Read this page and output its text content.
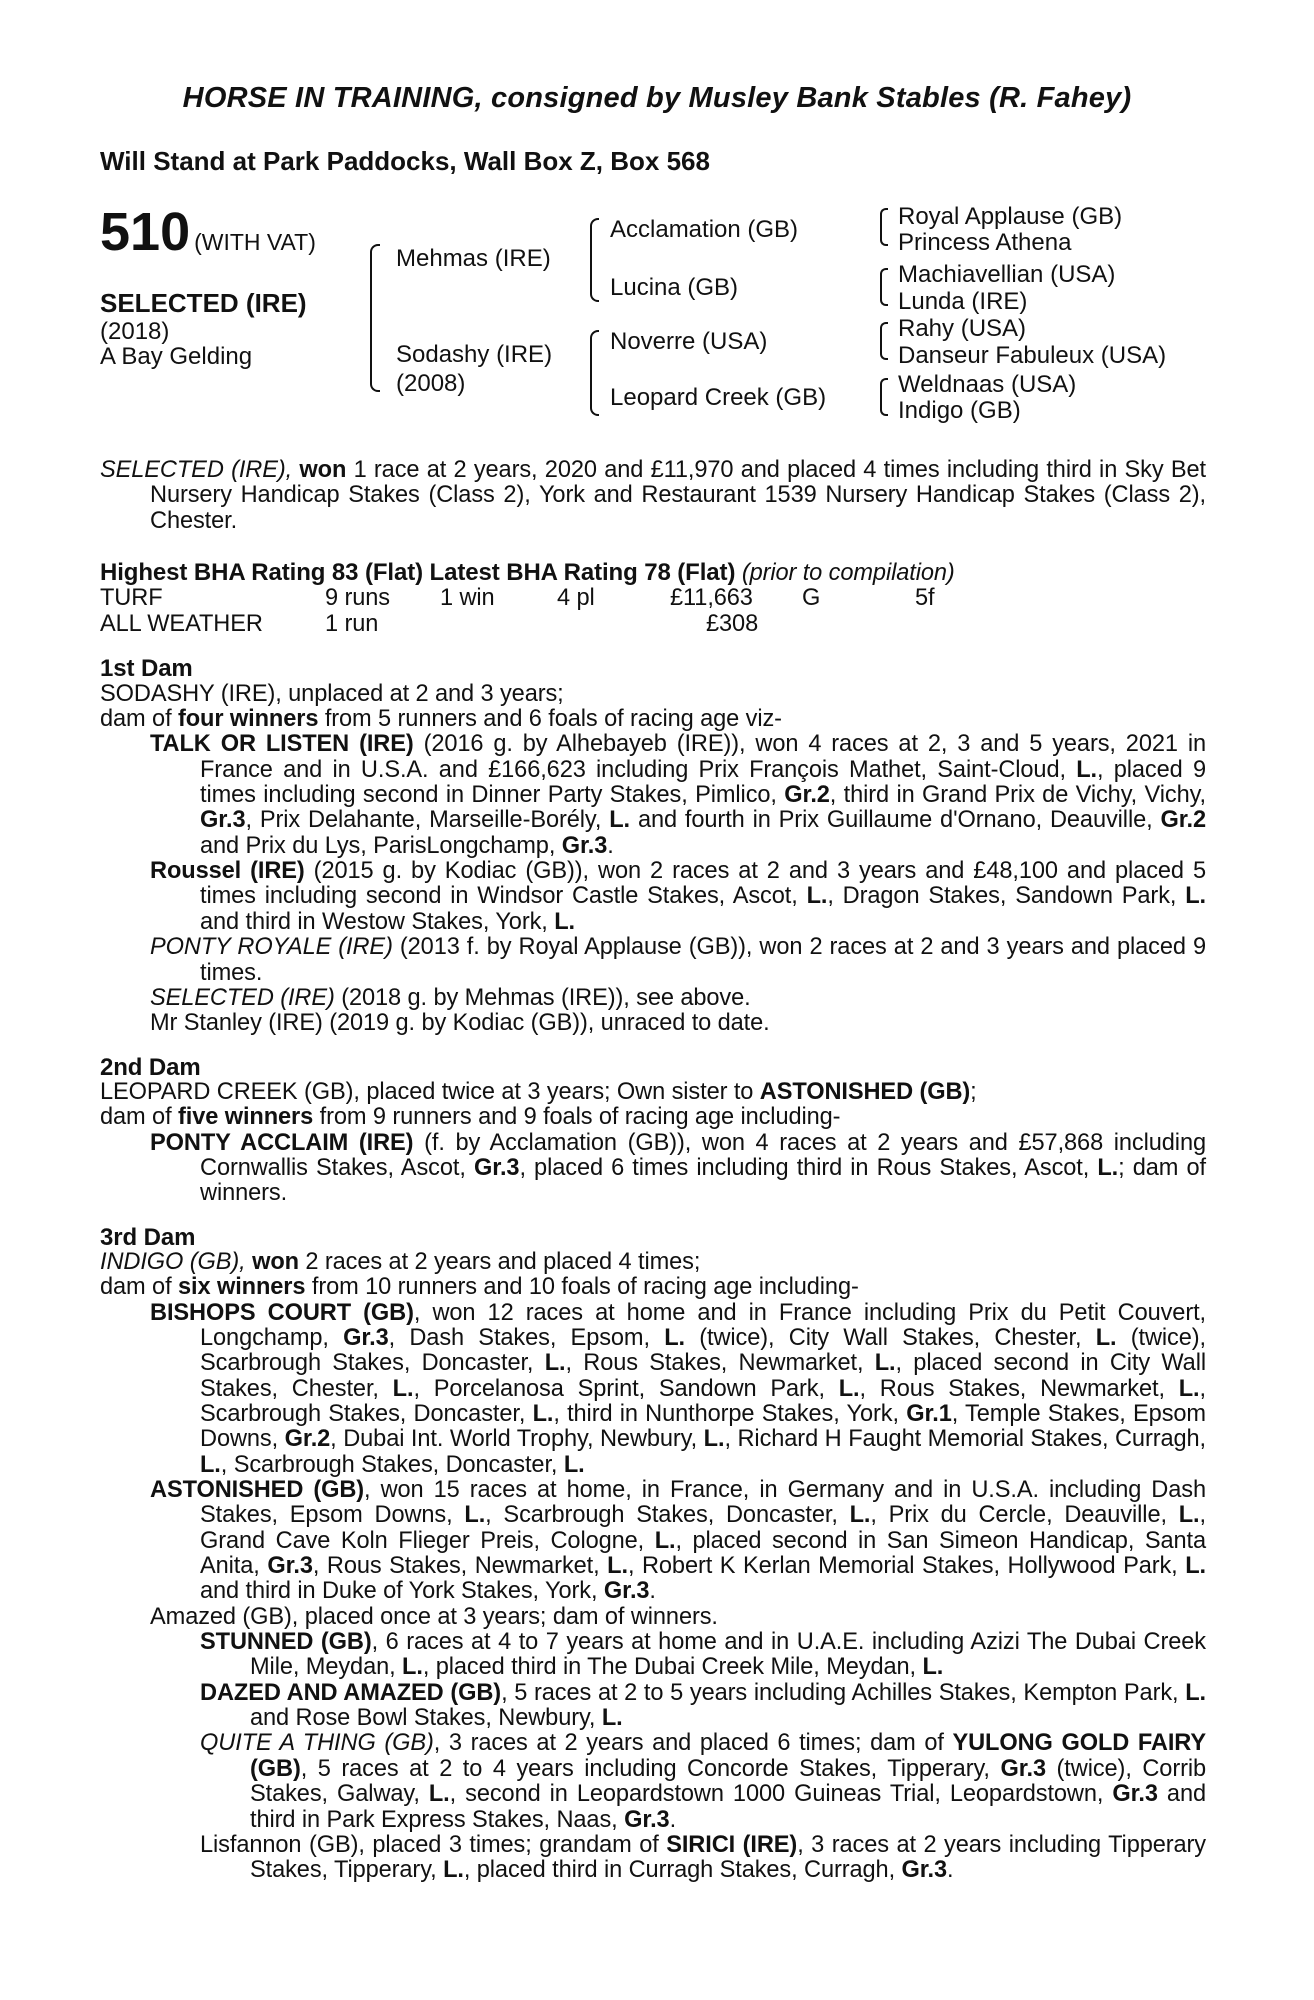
HORSE IN TRAINING, consigned by Musley Bank Stables (R. Fahey)
Will Stand at Park Paddocks, Wall Box Z, Box 568
510 (WITH VAT)
SELECTED (IRE)
(2018)
A Bay Gelding
Mehmas (IRE)
Sodashy (IRE)
(2008)
Acclamation (GB)
Lucina (GB)
Noverre (USA)
Leopard Creek (GB)
Royal Applause (GB)
Princess Athena
Machiavellian (USA)
Lunda (IRE)
Rahy (USA)
Danseur Fabuleux (USA)
Weldnaas (USA)
Indigo (GB)

SELECTED (IRE), won 1 race at 2 years, 2020 and £11,970 and placed 4 times including third in Sky Bet Nursery Handicap Stakes (Class 2), York and Restaurant 1539 Nursery Handicap Stakes (Class 2), Chester.

Highest BHA Rating 83 (Flat) Latest BHA Rating 78 (Flat) (prior to compilation)

TURF	9 runs 1 win	4 pl	£11,663 G	5f
ALL WEATHER	1 run	£308

1st Dam

SODASHY (IRE), unplaced at 2 and 3 years;

dam of four winners from 5 runners and 6 foals of racing age viz-

TALK OR LISTEN (IRE) (2016 g. by Alhebayeb (IRE)), won 4 races at 2, 3 and 5 years, 2021 in France and in U.S.A. and £166,623 including Prix François Mathet, Saint-Cloud, L., placed 9 times including second in Dinner Party Stakes, Pimlico, Gr.2, third in Grand Prix de Vichy, Vichy, Gr.3, Prix Delahante, Marseille-Borély, L. and fourth in Prix Guillaume d'Ornano, Deauville, Gr.2 and Prix du Lys, ParisLongchamp, Gr.3.

Roussel (IRE) (2015 g. by Kodiac (GB)), won 2 races at 2 and 3 years and £48,100 and placed 5 times including second in Windsor Castle Stakes, Ascot, L., Dragon Stakes, Sandown Park, L. and third in Westow Stakes, York, L.

PONTY ROYALE (IRE) (2013 f. by Royal Applause (GB)), won 2 races at 2 and 3 years and placed 9 times.

SELECTED (IRE) (2018 g. by Mehmas (IRE)), see above.

Mr Stanley (IRE) (2019 g. by Kodiac (GB)), unraced to date.

2nd Dam

LEOPARD CREEK (GB), placed twice at 3 years; Own sister to ASTONISHED (GB);

dam of five winners from 9 runners and 9 foals of racing age including-

PONTY ACCLAIM (IRE) (f. by Acclamation (GB)), won 4 races at 2 years and £57,868 including Cornwallis Stakes, Ascot, Gr.3, placed 6 times including third in Rous Stakes, Ascot, L.; dam of winners.

3rd Dam

INDIGO (GB), won 2 races at 2 years and placed 4 times;

dam of six winners from 10 runners and 10 foals of racing age including-

BISHOPS COURT (GB), won 12 races at home and in France including Prix du Petit Couvert, Longchamp, Gr.3, Dash Stakes, Epsom, L. (twice), City Wall Stakes, Chester, L. (twice), Scarbrough Stakes, Doncaster, L., Rous Stakes, Newmarket, L., placed second in City Wall Stakes, Chester, L., Porcelanosa Sprint, Sandown Park, L., Rous Stakes, Newmarket, L., Scarbrough Stakes, Doncaster, L., third in Nunthorpe Stakes, York, Gr.1, Temple Stakes, Epsom Downs, Gr.2, Dubai Int. World Trophy, Newbury, L., Richard H Faught Memorial Stakes, Curragh, L., Scarbrough Stakes, Doncaster, L.

ASTONISHED (GB), won 15 races at home, in France, in Germany and in U.S.A. including Dash Stakes, Epsom Downs, L., Scarbrough Stakes, Doncaster, L., Prix du Cercle, Deauville, L., Grand Cave Koln Flieger Preis, Cologne, L., placed second in San Simeon Handicap, Santa Anita, Gr.3, Rous Stakes, Newmarket, L., Robert K Kerlan Memorial Stakes, Hollywood Park, L. and third in Duke of York Stakes, York, Gr.3.

Amazed (GB), placed once at 3 years; dam of winners.

STUNNED (GB), 6 races at 4 to 7 years at home and in U.A.E. including Azizi The Dubai Creek Mile, Meydan, L., placed third in The Dubai Creek Mile, Meydan, L.

DAZED AND AMAZED (GB), 5 races at 2 to 5 years including Achilles Stakes, Kempton Park, L. and Rose Bowl Stakes, Newbury, L.

QUITE A THING (GB), 3 races at 2 years and placed 6 times; dam of YULONG GOLD FAIRY (GB), 5 races at 2 to 4 years including Concorde Stakes, Tipperary, Gr.3 (twice), Corrib Stakes, Galway, L., second in Leopardstown 1000 Guineas Trial, Leopardstown, Gr.3 and third in Park Express Stakes, Naas, Gr.3.

Lisfannon (GB), placed 3 times; grandam of SIRICI (IRE), 3 races at 2 years including Tipperary Stakes, Tipperary, L., placed third in Curragh Stakes, Curragh, Gr.3.
